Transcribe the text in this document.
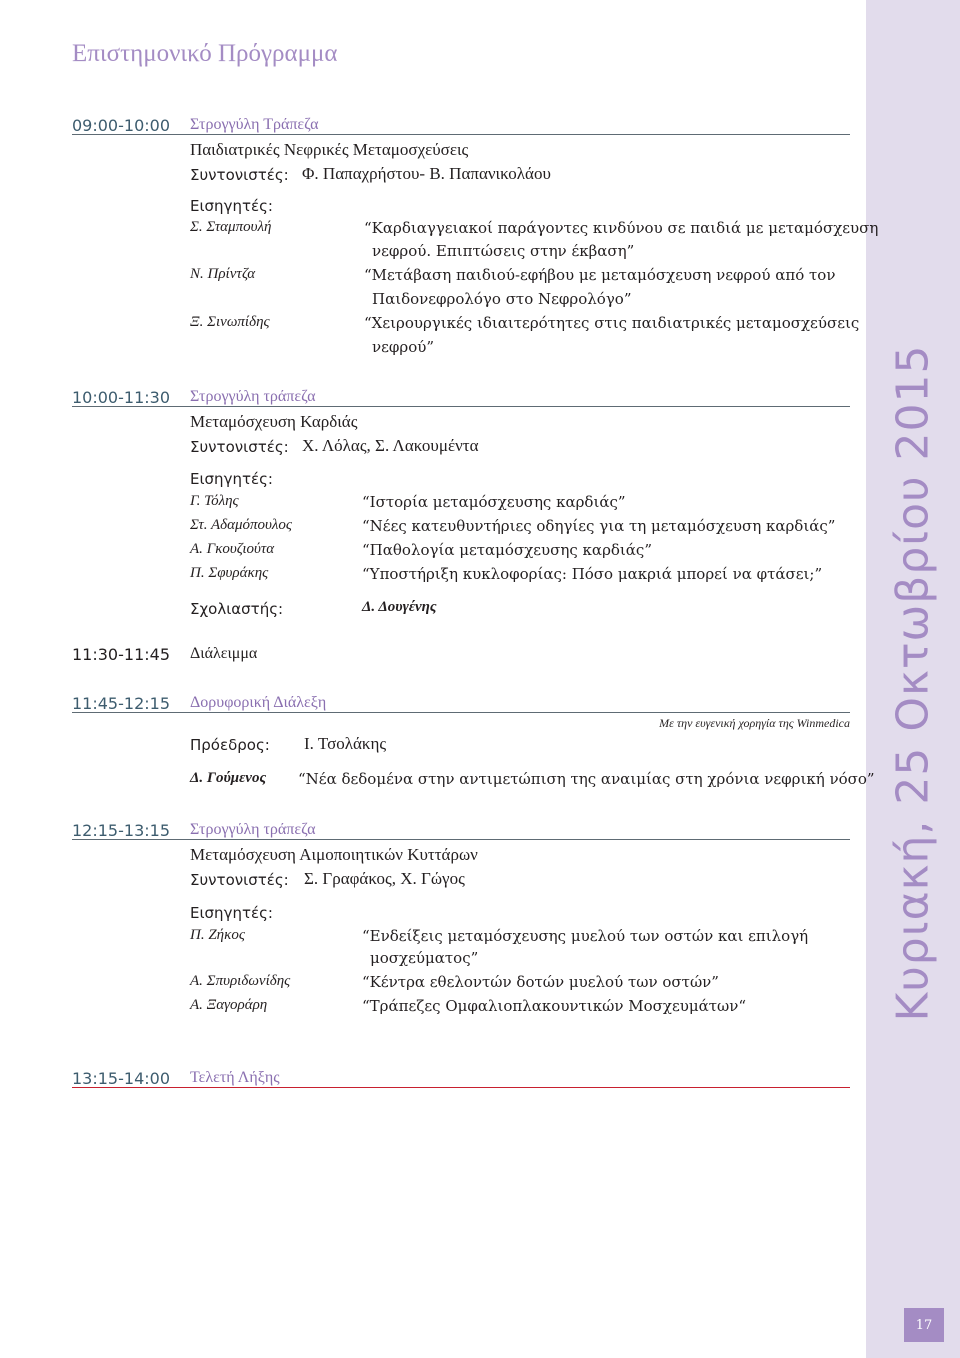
Κυριακή, 25 Οκτωβρίου 2015
17
Επιστημονικό Πρόγραμμα
09:00-10:00 Στρογγύλη Τράπεζα
Παιδιατρικές Νεφρικές Μεταμοσχεύσεις
Συντονιστές: Φ. Παπαχρήστου- Β. Παπανικολάου
Εισηγητές:
Σ. Σταμπουλή	“Καρδιαγγειακοί παράγοντες κινδύνου σε παιδιά με μεταμόσχευση
νεφρού. Επιπτώσεις στην έκβαση”
Ν. Πρίντζα	“Μετάβαση παιδιού-εφήβου με μεταμόσχευση νεφρού από τον
Παιδονεφρολόγο στο Νεφρολόγο”
Ξ. Σινωπίδης	“Χειρουργικές ιδιαιτερότητες στις παιδιατρικές μεταμοσχεύσεις
νεφρού”
10:00-11:30 Στρογγύλη τράπεζα
Μεταμόσχευση Καρδιάς
Συντονιστές: Χ. Λόλας, Σ. Λακουμέντα
Εισηγητές:
Γ. Τόλης	“Ιστορία μεταμόσχευσης καρδιάς”
Στ. Αδαμόπουλος	“Νέες κατευθυντήριες οδηγίες για τη μεταμόσχευση καρδιάς”
Α. Γκουζιούτα	“Παθολογία μεταμόσχευσης καρδιάς”
Π. Σφυράκης	“Υποστήριξη κυκλοφορίας: Πόσο μακριά μπορεί να φτάσει;”
Σχολιαστής:	Δ. Δουγένης
11:30-11:45 Διάλειμμα
11:45-12:15 Δορυφορική Διάλεξη
Με την ευγενική χορηγία της Winmedica
Πρόεδρος: Ι. Τσολάκης
Δ. Γούμενος “Νέα δεδομένα στην αντιμετώπιση της αναιμίας στη χρόνια νεφρική νόσο”
12:15-13:15 Στρογγύλη τράπεζα
Μεταμόσχευση Αιμοποιητικών Κυττάρων
Συντονιστές: Σ. Γραφάκος, Χ. Γώγος
Εισηγητές:
Π. Ζήκος	“Ενδείξεις μεταμόσχευσης μυελού των οστών και επιλογή
μοσχεύματος”
Α. Σπυριδωνίδης	“Κέντρα εθελοντών δοτών μυελού των οστών”
Α. Ξαγοράρη	“Τράπεζες Ομφαλιοπλακουντικών Μοσχευμάτων“
13:15-14:00 Τελετή Λήξης
